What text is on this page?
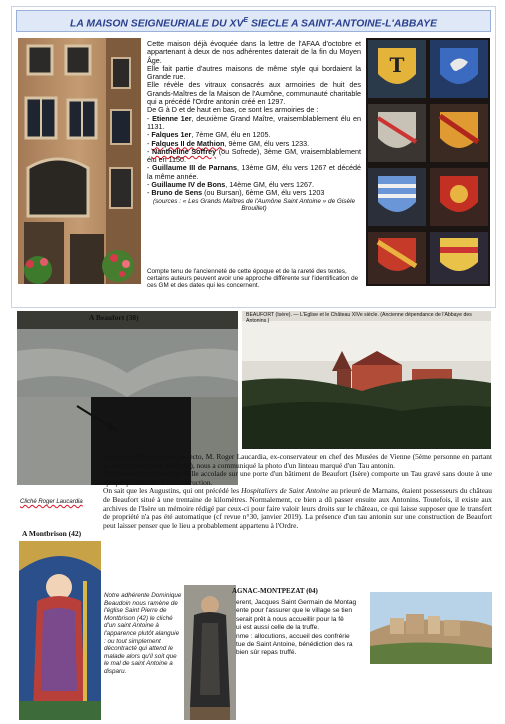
LA MAISON SEIGNEURIALE DU $XV^E$ SIECLE A SAINT-ANTOINE-L'ABBAYE

Cette maison déjà évoquée dans la lettre de l'AFAA d'octobre et appartenant à deux de nos adhérentes daterait de la fin du Moyen Âge.

Elle fait partie d'autres maisons de même style qui bordaient la Grande rue.

Elle révèle des vitraux consacrés aux armoiries de huit des Grands-Maîtres de la Maison de l'Aumône, communauté charitable qui a précédé l'Ordre antonin créé en 1297.

De G à D et de haut en bas, ce sont les armoiries de :

- Etienne 1er, deuxième Grand Maître, vraisemblablement élu en 1131.

- Falques 1er, 7ème GM, élu en 1205.

- Falques II de Mathion, 9ème GM, élu vers 1233.

- Nantheline Soffrey (ou Sofrede), 3ème GM, vraisemblablement élu en 1150.

- Guillaume III de Parnans, 13ème GM, élu vers 1267 et décédé la même année.

- Guillaume IV de Bons, 14ème GM, élu vers 1267.

- Bruno de Sens (ou Bursan), 6ème GM, élu vers 1203

(sources : « Les Grands Maîtres de l'Aumône Saint Antoine » de Gisèle Brouillet)

Compte tenu de l'ancienneté de cette époque et de la rareté des textes, certains auteurs peuvent avoir une approche différente sur l'identification de ces GM et des dates qui les concernent.
T
A Beaufort (38)
Cliché Roger Laucardia
BEAUFORT (Isère). — L'Eglise et le Château XIVe siècle. (Ancienne dépendance de l'Abbaye des Antonins.)

Lors de la JNA évoquée au recto, M. Roger Laucardia, ex-conservateur en chef des Musées de Vienne (5ème personne en partant de la gauche en haut du diché), nous a communiqué la photo d'un linteau marqué d'un Tau antonin.

Ce linteau, en forme d'une belle accolade sur une porte d'un bâtiment de Beaufort (Isère) comporte un Tau gravé sans doute à une époque postérieure à sa construction.

On sait que les Augustins, qui ont précédé les Hospitaliers de Saint Antoine au prieuré de Marnans, étaient possesseurs du château de Beaufort situé à une trentaine de kilomètres. Normalement, ce bien a dû passer ensuite aux Antonins. Toutefois, il existe aux archives de l'Isère un mémoire rédigé par ceux-ci pour faire valoir leurs droits sur le château, ce qui laisse supposer que le transfert de propriété n'a pas été automatique (cf revue n°30, janvier 2019). La présence d'un tau antonin sur une construction de Beaufort peut laisser penser que le lieu a probablement appartenu à l'Ordre.

A Montbrison (42)
Notre adhérente Dominique Beaudoin nous ramène de l'église Saint Pierre de Montbrison (42) le cliché d'un saint Antoine à l'apparence plutôt alanguie : ou tout simplement décontracté qui attend le malade alors qu'il soit que le mal de saint Antoine a disparu.
AGNAC-MONTPEZAT (04)

erent, Jacques Saint Germain de Montag

ente pour l'assurer que le village se tien

serait prêt à nous accueillir pour la fê

ui est aussi celle de la truffe.

nme : allocutions, accueil des confrérie

tue de Saint Antoine, bénédiction des ra

bien sûr repas truffé.
